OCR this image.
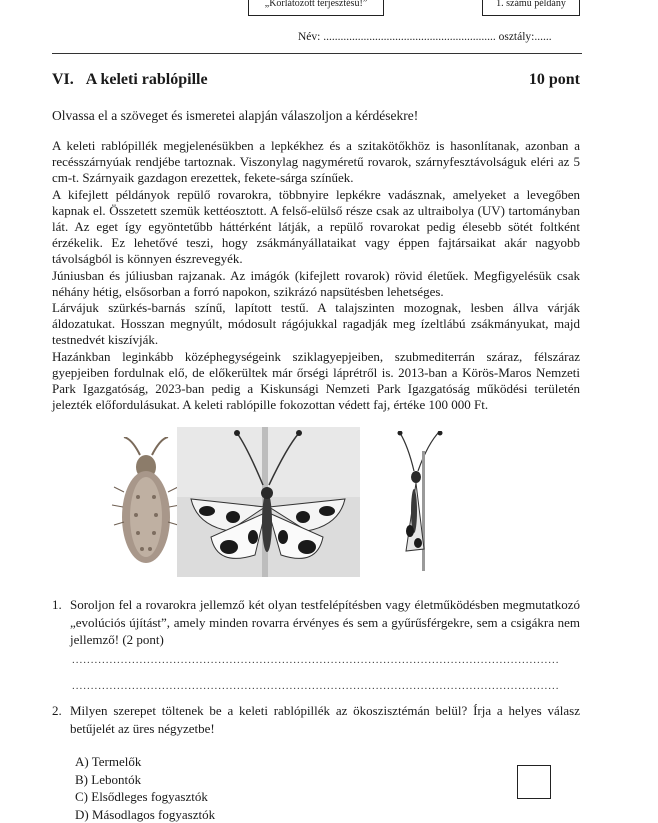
„Korlátozott terjesztésű!”	1. számú példány
Név: ............................................................ osztály:......
VI. A keleti rablópille	10 pont
Olvassa el a szöveget és ismeretei alapján válaszoljon a kérdésekre!

A keleti rablópillék megjelenésükben a lepkékhez és a szitakötőkhöz is hasonlítanak, azonban a recésszárnyúak rendjébe tartoznak. Viszonylag nagyméretű rovarok, szárnyfesztávolságuk eléri az 5 cm-t. Szárnyaik gazdagon erezettek, fekete-sárga színűek.

A kifejlett példányok repülő rovarokra, többnyire lepkékre vadásznak, amelyeket a levegőben kapnak el. Összetett szemük kettéosztott. A felső-elülső része csak az ultraibolya (UV) tartományban lát. Az eget így egyöntetűbb háttérként látják, a repülő rovarokat pedig élesebb sötét foltként érzékelik. Ez lehetővé teszi, hogy zsákmányállataikat vagy éppen fajtársaikat akár nagyobb távolságból is könnyen észrevegyék.

Júniusban és júliusban rajzanak. Az imágók (kifejlett rovarok) rövid életűek. Megfigyelésük csak néhány hétig, elsősorban a forró napokon, szikrázó napsütésben lehetséges.

Lárvájuk szürkés-barnás színű, lapított testű. A talajszinten mozognak, lesben állva várják áldozatukat. Hosszan megnyúlt, módosult rágójukkal ragadják meg ízeltlábú zsákmányukat, majd testnedvét kiszívják.

Hazánkban leginkább középhegységeink sziklagyepjeiben, szubmediterrán száraz, félszáraz gyepjeiben fordulnak elő, de előkerültek már őrségi láprétről is. 2013-ban a Körös-Maros Nemzeti Park Igazgatóság, 2023-ban pedig a Kiskunsági Nemzeti Park Igazgatóság működési területén jelezték előfordulásukat. A keleti rablópille fokozottan védett faj, értéke 100 000 Ft.

1. Soroljon fel a rovarokra jellemző két olyan testfelépítésben vagy életműködésben megmutatkozó „evolúciós újítást”, amely minden rovarra érvényes és sem a gyűrűsférgekre, sem a csigákra nem jellemző! (2 pont)
..................................................................................................................................
..................................................................................................................................
2. Milyen szerepet töltenek be a keleti rablópillék az ökoszisztémán belül? Írja a helyes válasz betűjelét az üres négyzetbe!
A) Termelők
B) Lebontók
C) Elsődleges fogyasztók
D) Másodlagos fogyasztók
